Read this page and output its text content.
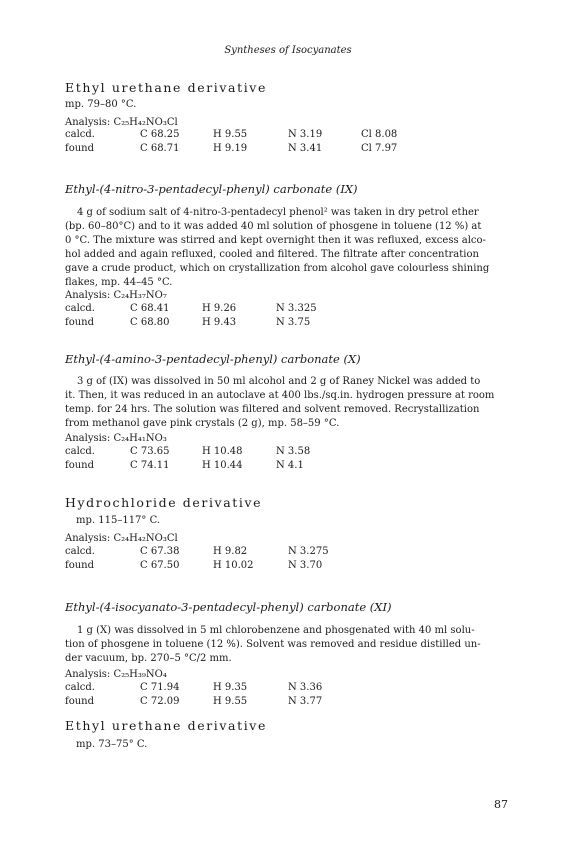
Syntheses of Isocyanates
Ethyl urethane derivative
mp. 79–80 °C.
Analysis: C₂₅H₄₂NO₃Cl
calcd.	C 68.25	H 9.55	N 3.19	Cl 8.08
found	C 68.71	H 9.19	N 3.41	Cl 7.97
Ethyl-(4-nitro-3-pentadecyl-phenyl) carbonate (IX)
4 g of sodium salt of 4-nitro-3-pentadecyl phenol² was taken in dry petrol ether
(bp. 60–80°C) and to it was added 40 ml solution of phosgene in toluene (12 %) at
0 °C. The mixture was stirred and kept overnight then it was refluxed, excess alco-
hol added and again refluxed, cooled and filtered. The filtrate after concentration
gave a crude product, which on crystallization from alcohol gave colourless shining
flakes, mp. 44–45 °C.
Analysis: C₂₄H₃₇NO₇
calcd.	C 68.41	H 9.26	N 3.325
found	C 68.80	H 9.43	N 3.75
Ethyl-(4-amino-3-pentadecyl-phenyl) carbonate (X)
3 g of (IX) was dissolved in 50 ml alcohol and 2 g of Raney Nickel was added to
it. Then, it was reduced in an autoclave at 400 lbs./sq.in. hydrogen pressure at room
temp. for 24 hrs. The solution was filtered and solvent removed. Recrystallization
from methanol gave pink crystals (2 g), mp. 58–59 °C.
Analysis: C₂₄H₄₁NO₃
calcd.	C 73.65	H 10.48	N 3.58
found	C 74.11	H 10.44	N 4.1
Hydrochloride derivative
mp. 115–117° C.
Analysis: C₂₄H₄₂NO₃Cl
calcd.	C 67.38	H 9.82	N 3.275
found	C 67.50	H 10.02	N 3.70
Ethyl-(4-isocyanato-3-pentadecyl-phenyl) carbonate (XI)
1 g (X) was dissolved in 5 ml chlorobenzene and phosgenated with 40 ml solu-
tion of phosgene in toluene (12 %). Solvent was removed and residue distilled un-
der vacuum, bp. 270–5 °C/2 mm.
Analysis: C₂₅H₃₉NO₄
calcd.	C 71.94	H 9.35	N 3.36
found	C 72.09	H 9.55	N 3.77
Ethyl urethane derivative
mp. 73–75° C.
87
